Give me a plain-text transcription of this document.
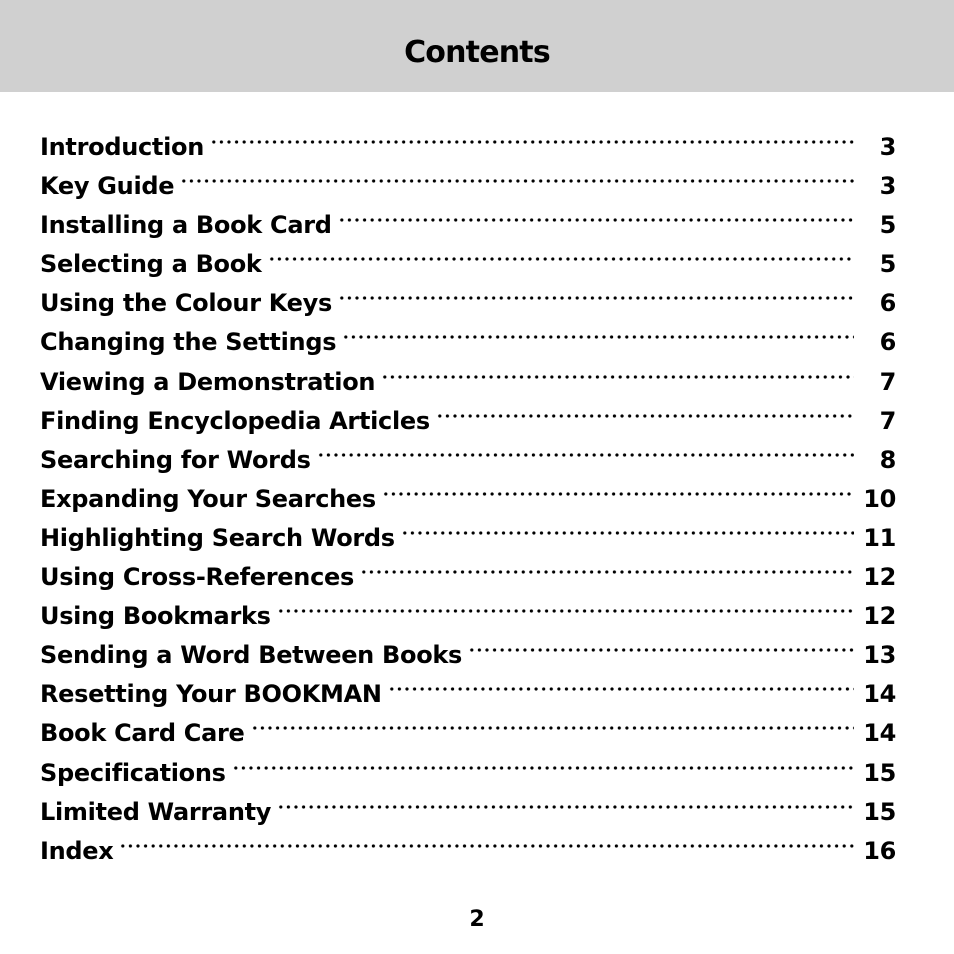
Contents
Introduction	3
Key Guide	3
Installing a Book Card	5
Selecting a Book	5
Using the Colour Keys	6
Changing the Settings	6
Viewing a Demonstration	7
Finding Encyclopedia Articles	7
Searching for Words	8
Expanding Your Searches	10
Highlighting Search Words	11
Using Cross-References	12
Using Bookmarks	12
Sending a Word Between Books	13
Resetting Your BOOKMAN	14
Book Card Care	14
Specifications	15
Limited Warranty	15
Index	16
2
